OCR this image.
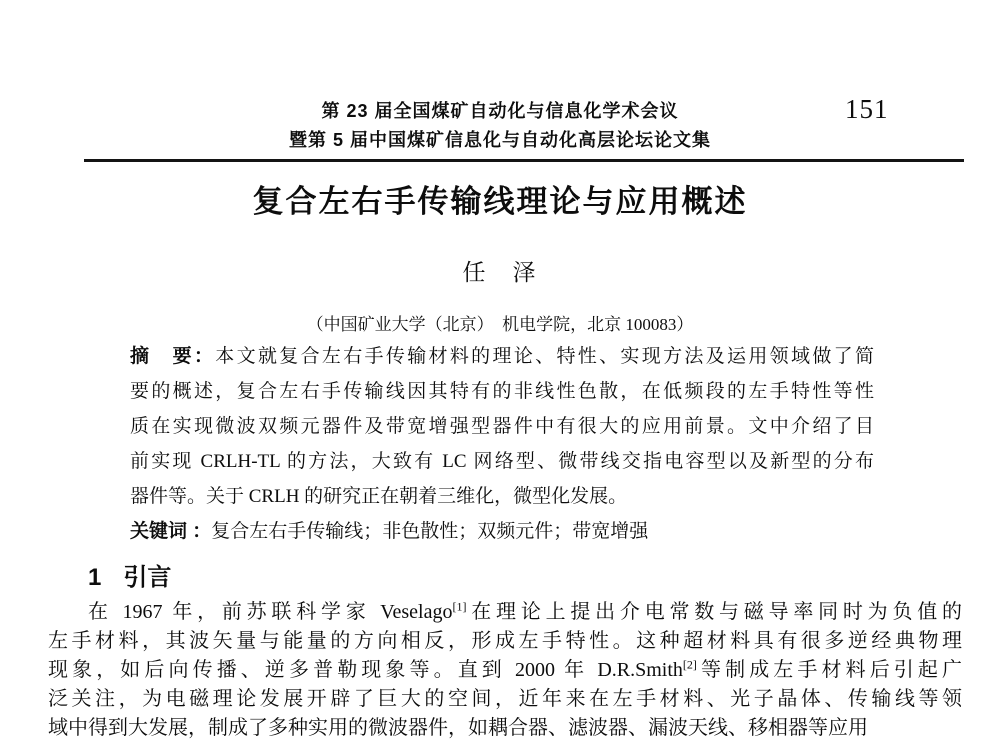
第 23 届全国煤矿自动化与信息化学术会议
暨第 5 届中国煤矿信息化与自动化高层论坛论文集
151
复合左右手传输线理论与应用概述
任　泽
（中国矿业大学（北京）　机电学院，北京 100083）
摘　要：本文就复合左右手传输材料的理论、特性、实现方法及运用领域做了简
要的概述，复合左右手传输线因其特有的非线性色散，在低频段的左手特性等性
质在实现微波双频元器件及带宽增强型器件中有很大的应用前景。文中介绍了目
前实现 CRLH-TL 的方法，大致有 LC 网络型、微带线交指电容型以及新型的分布
器件等。关于 CRLH 的研究正在朝着三维化，微型化发展。
关键词 ：复合左右手传输线；非色散性；双频元件；带宽增强
1 引言
在 1967 年，前苏联科学家 Veselago[1]在理论上提出介电常数与磁导率同时为负值的
左手材料，其波矢量与能量的方向相反，形成左手特性。这种超材料具有很多逆经典物理
现象，如后向传播、逆多普勒现象等。直到 2000 年 D.R.Smith[2]等制成左手材料后引起广
泛关注，为电磁理论发展开辟了巨大的空间，近年来在左手材料、光子晶体、传输线等领
域中得到大发展，制成了多种实用的微波器件，如耦合器、滤波器、漏波天线、移相器等应用
